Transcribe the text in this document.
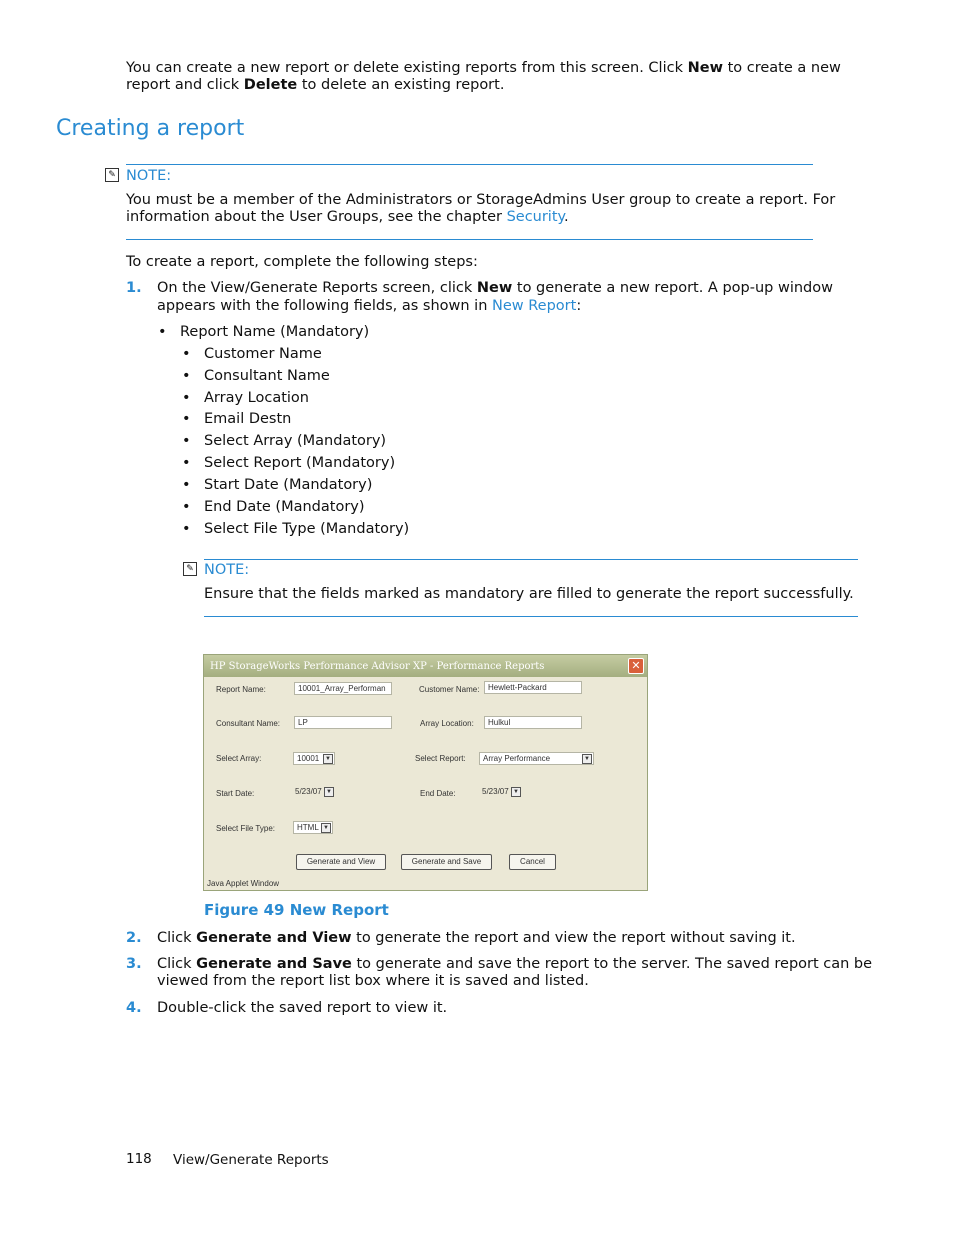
You can create a new report or delete existing reports from this screen. Click New to create a new
report and click Delete to delete an existing report.
Creating a report
✎ NOTE:
You must be a member of the Administrators or StorageAdmins User group to create a report. For
information about the User Groups, see the chapter Security.
To create a report, complete the following steps:
1. On the View/Generate Reports screen, click New to generate a new report. A pop-up window
appears with the following fields, as shown in New Report:
• Report Name (Mandatory)
• Customer Name
• Consultant Name
• Array Location
• Email Destn
• Select Array (Mandatory)
• Select Report (Mandatory)
• Start Date (Mandatory)
• End Date (Mandatory)
• Select File Type (Mandatory)
✎ NOTE:
Ensure that the fields marked as mandatory are filled to generate the report successfully.
HP StorageWorks Performance Advisor XP - Performance Reports	✕
Report Name:	10001_Array_Performan	Customer Name:	Hewlett-Packard
Consultant Name:	LP	Array Location:	Hulkul
Select Array:	10001 ▼	Select Report:	Array Performance	▼
Start Date:	5/23/07 ▼	End Date:	5/23/07 ▼
Select File Type:	HTML ▼
Generate and View	Generate and Save	Cancel
Java Applet Window
Figure 49 New Report
2. Click Generate and View to generate the report and view the report without saving it.
3. Click Generate and Save to generate and save the report to the server. The saved report can be
viewed from the report list box where it is saved and listed.
4. Double-click the saved report to view it.
118 View/Generate Reports
